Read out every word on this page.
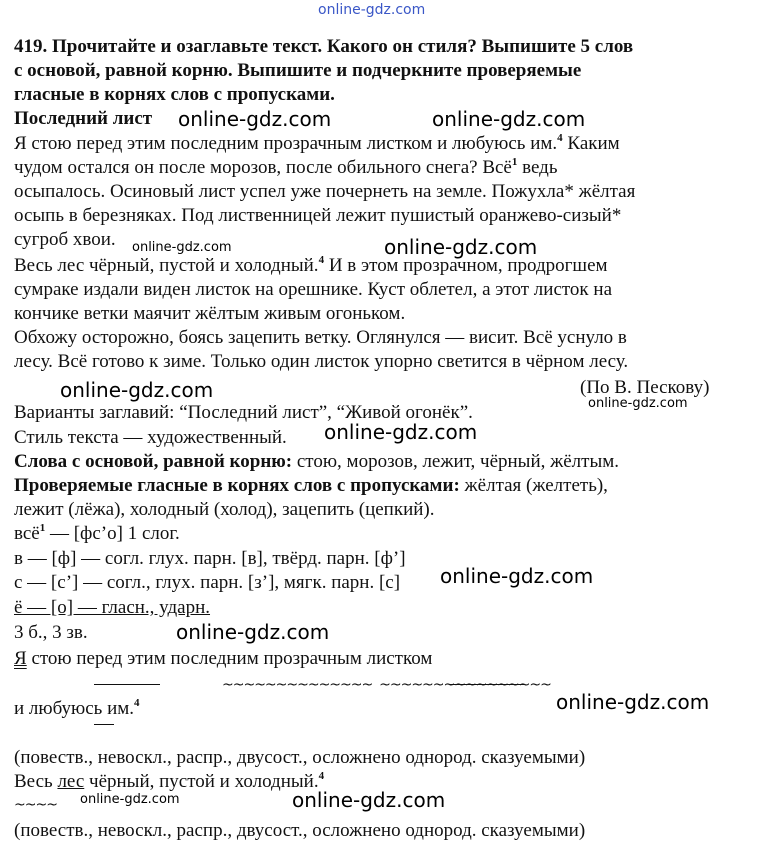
online-gdz.com
419. Прочитайте и озаглавьте текст. Какого он стиля? Выпишите 5 слов
с основой, равной корню. Выпишите и подчеркните проверяемые
гласные в корнях слов с пропусками.
Последний лист	online-gdz.com
online-gdz.com
Я стою перед этим последним прозрачным листком и любуюсь им.$^4$ Каким
чудом остался он после морозов, после обильного снега? Всё$^1$ ведь
осыпалось. Осиновый лист успел уже почернеть на земле. Пожухла* жёлтая
осыпь в березняках. Под лиственницей лежит пушистый оранжево-сизый*
сугроб хвои. online-gdz.com	online-gdz.com
Весь лес чёрный, пустой и холодный.$^4$ И в этом прозрачном, продрогшем
сумраке издали виден листок на орешнике. Куст облетел, а этот листок на
кончике ветки маячит жёлтым живым огоньком.
Обхожу осторожно, боясь зацепить ветку. Оглянулся — висит. Всё уснуло в
лесу. Всё готово к зиме. Только один листок упорно светится в чёрном лесу.
online-gdz.com	(По В. Пескову)
online-gdz.com
Варианты заглавий: “Последний лист”, “Живой огонёк”.
Стиль текста — художественный. online-gdz.com
Слова с основой, равной корню: стою, морозов, лежит, чёрный, жёлтым.
Проверяемые гласные в корнях слов с пропусками: жёлтая (желтеть),
лежит (лёжа), холодный (холод), зацепить (цепкий).
всё$^1$ — [фс’о] 1 слог.
в — [ф] — согл. глух. парн. [в], твёрд. парн. [ф’]
с — [с’] — согл., глух. парн. [з’], мягк. парн. [с] online-gdz.com
ё — [о] — гласн., ударн.
3 б., 3 зв.	online-gdz.com
Я стою перед этим последним прозрачным листком
~~~~~~~~~~~~~~  ~~~~~~~~~~~~~~~~
и любуюсь им.$^4$	online-gdz.com
(повеств., невоскл., распр., двусост., осложнено однород. сказуемыми)
Весь лес чёрный, пустой и холодный.$^4$
~~~~ online-gdz.com	online-gdz.com
(повеств., невоскл., распр., двусост., осложнено однород. сказуемыми)
